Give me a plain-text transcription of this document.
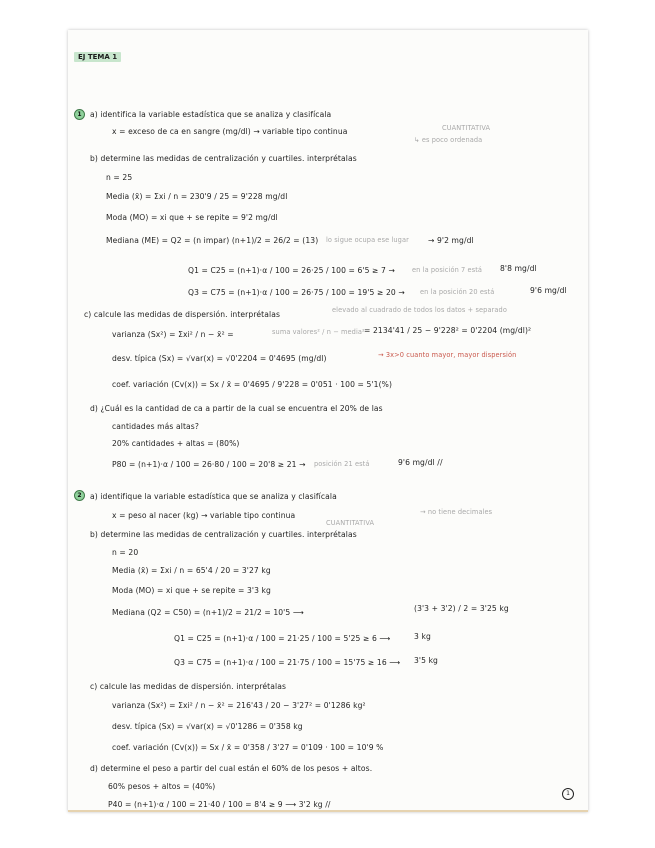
EJ TEMA 1
1	a) identifica la variable estadística que se analiza y clasifícala
x = exceso de ca en sangre (mg/dl) → variable tipo continua	CUANTITATIVA
↳ es poco ordenada
b) determine las medidas de centralización y cuartiles. interprétalas
n = 25
Media (x̄) = Σxi / n = 230'9 / 25 = 9'228 mg/dl
Moda (MO) = xi que + se repite = 9'2 mg/dl
Mediana (ME) = Q2 = (n impar) (n+1)/2 = 26/2 = (13) lo sigue ocupa ese lugar	→ 9'2 mg/dl
Q1 = C25 = (n+1)·α / 100 = 26·25 / 100 = 6'5 ≥ 7 →	en la posición 7 está 8'8 mg/dl
Q3 = C75 = (n+1)·α / 100 = 26·75 / 100 = 19'5 ≥ 20 → en la posición 20 está	9'6 mg/dl
c) calcule las medidas de dispersión. interprétalas	elevado al cuadrado de todos los datos + separado
varianza (Sx²) = Σxi² / n − x̄² =	suma valores² / n − media² = 2134'41 / 25 − 9'228² = 0'2204 (mg/dl)²
desv. típica (Sx) = √var(x) = √0'2204 = 0'4695 (mg/dl)	→ 3x>0 cuanto mayor, mayor dispersión
coef. variación (Cv(x)) = Sx / x̄ = 0'4695 / 9'228 = 0'051 · 100 = 5'1(%)
d) ¿Cuál es la cantidad de ca a partir de la cual se encuentra el 20% de las
cantidades más altas?
20% cantidades + altas = (80%)
P80 = (n+1)·α / 100 = 26·80 / 100 = 20'8 ≥ 21 → posición 21 está	9'6 mg/dl //
2	a) identifique la variable estadística que se analiza y clasifícala
x = peso al nacer (kg) → variable tipo continua	→ no tiene decimales
CUANTITATIVA
b) determine las medidas de centralización y cuartiles. interprétalas
n = 20
Media (x̄) = Σxi / n = 65'4 / 20 = 3'27 kg
Moda (MO) = xi que + se repite = 3'3 kg
Mediana (Q2 = C50) = (n+1)/2 = 21/2 = 10'5 ⟶	(3'3 + 3'2) / 2 = 3'25 kg
Q1 = C25 = (n+1)·α / 100 = 21·25 / 100 = 5'25 ≥ 6 ⟶	3 kg
Q3 = C75 = (n+1)·α / 100 = 21·75 / 100 = 15'75 ≥ 16 ⟶ 3'5 kg
c) calcule las medidas de dispersión. interprétalas
varianza (Sx²) = Σxi² / n − x̄² = 216'43 / 20 − 3'27² = 0'1286 kg²
desv. típica (Sx) = √var(x) = √0'1286 = 0'358 kg
coef. variación (Cv(x)) = Sx / x̄ = 0'358 / 3'27 = 0'109 · 100 = 10'9 %
d) determine el peso a partir del cual están el 60% de los pesos + altos.
60% pesos + altos = (40%)
P40 = (n+1)·α / 100 = 21·40 / 100 = 8'4 ≥ 9 ⟶ 3'2 kg //
1
